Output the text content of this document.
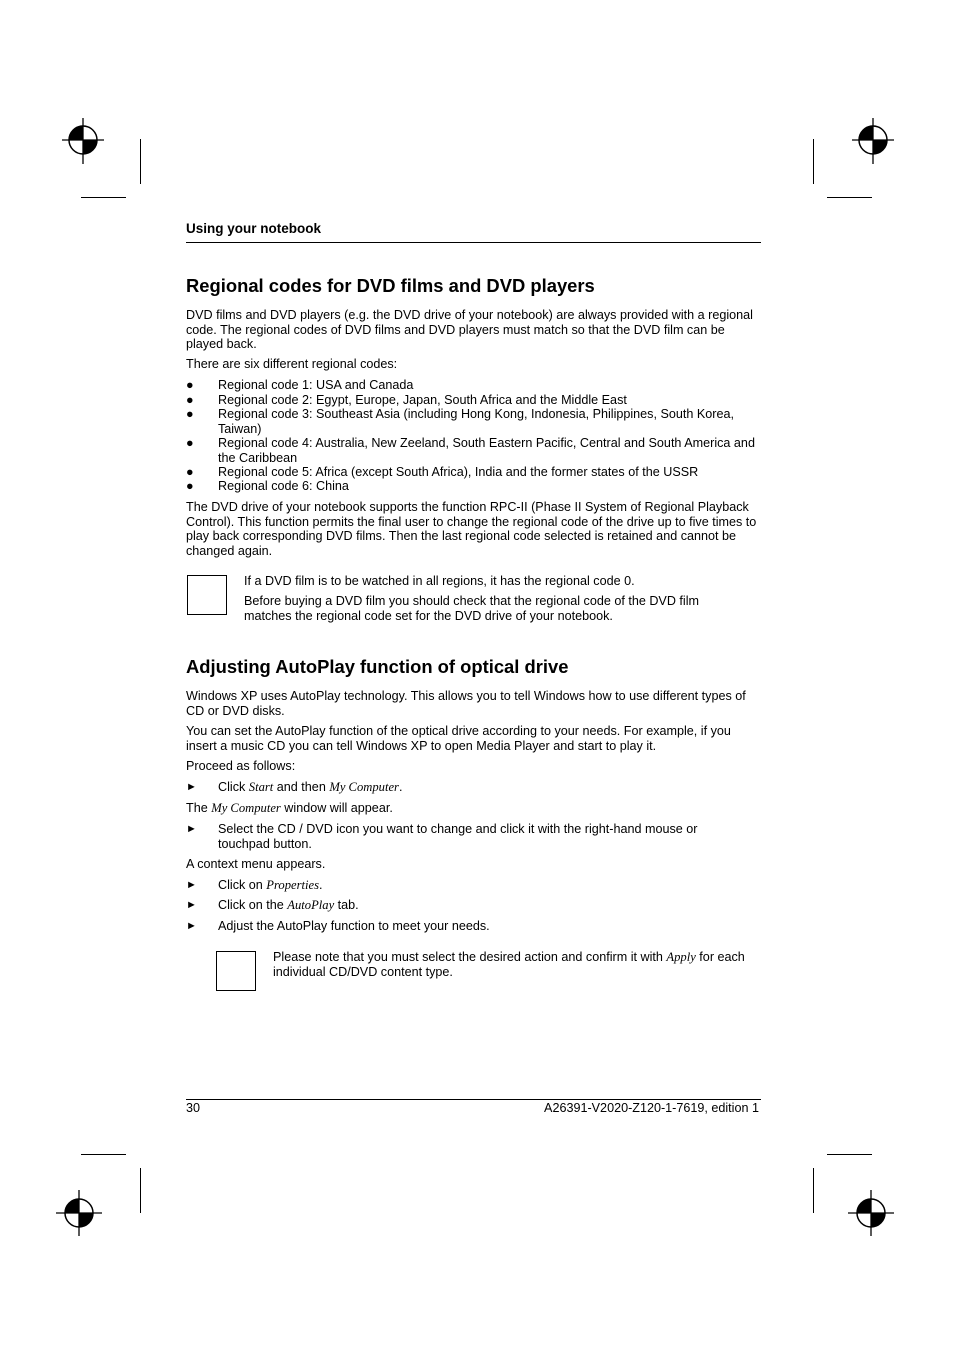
Using your notebook
Regional codes for DVD films and DVD players
DVD films and DVD players (e.g. the DVD drive of your notebook) are always provided with a regional code. The regional codes of DVD films and DVD players must match so that the DVD film can be played back.
There are six different regional codes:
● Regional code 1: USA and Canada
● Regional code 2: Egypt, Europe, Japan, South Africa and the Middle East
● Regional code 3: Southeast Asia (including Hong Kong, Indonesia, Philippines, South Korea, Taiwan)
● Regional code 4: Australia, New Zeeland, South Eastern Pacific, Central and South America and the Caribbean
● Regional code 5: Africa (except South Africa), India and the former states of the USSR
● Regional code 6: China
The DVD drive of your notebook supports the function RPC-II (Phase II System of Regional Playback Control). This function permits the final user to change the regional code of the drive up to five times to play back corresponding DVD films. Then the last regional code selected is retained and cannot be changed again.
If a DVD film is to be watched in all regions, it has the regional code 0.
Before buying a DVD film you should check that the regional code of the DVD film matches the regional code set for the DVD drive of your notebook.
Adjusting AutoPlay function of optical drive
Windows XP uses AutoPlay technology. This allows you to tell Windows how to use different types of CD or DVD disks.
You can set the AutoPlay function of the optical drive according to your needs. For example, if you insert a music CD you can tell Windows XP to open Media Player and start to play it.
Proceed as follows:
► Click Start and then My Computer.
The My Computer window will appear.
► Select the CD / DVD icon you want to change and click it with the right-hand mouse or touchpad button.
A context menu appears.
► Click on Properties.
► Click on the AutoPlay tab.
► Adjust the AutoPlay function to meet your needs.
Please note that you must select the desired action and confirm it with Apply for each individual CD/DVD content type.
30	A26391-V2020-Z120-1-7619, edition 1
